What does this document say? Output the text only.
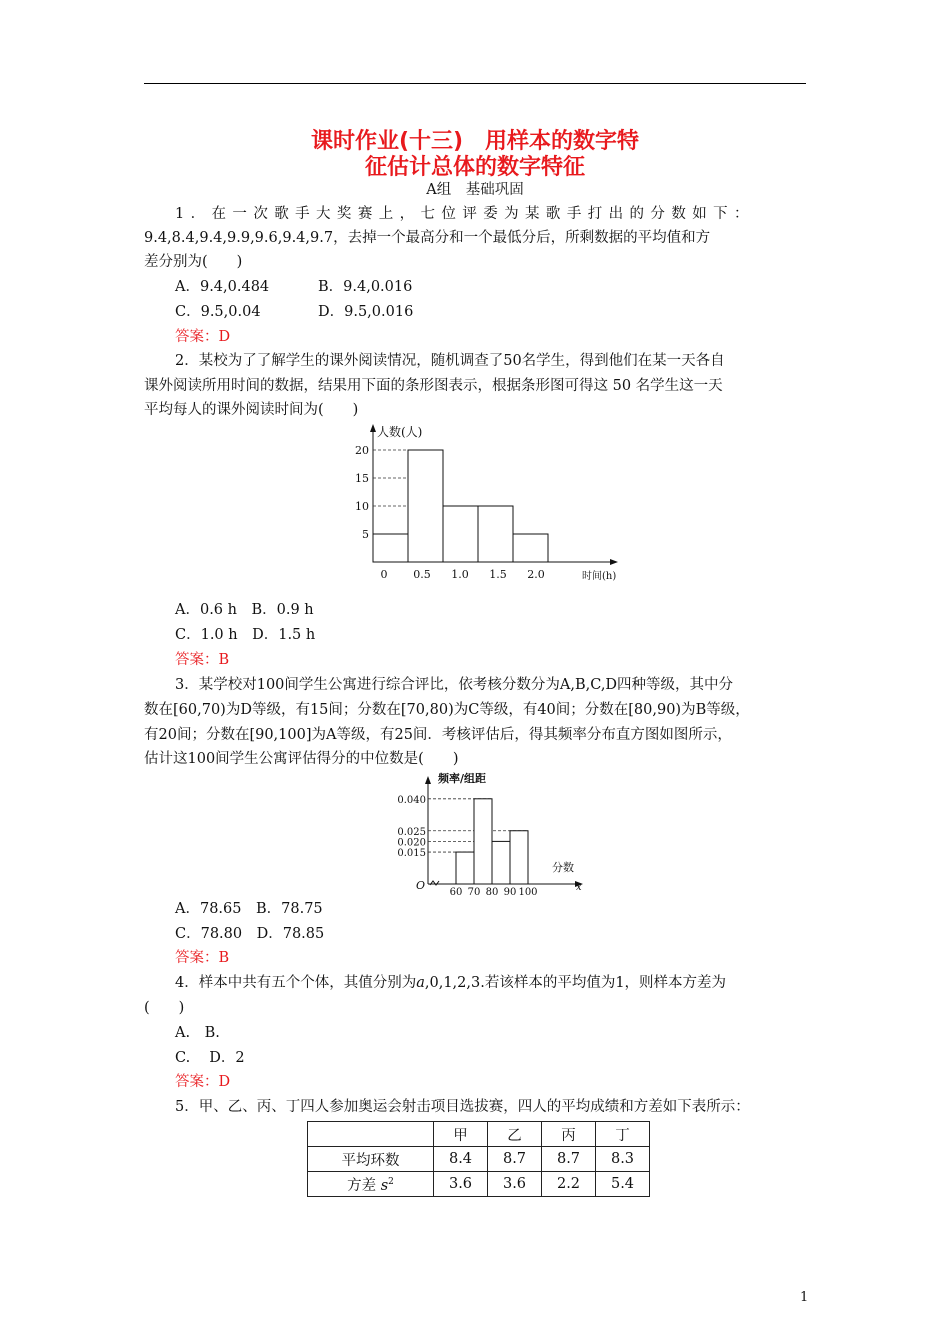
课时作业(十三)　用样本的数字特
征估计总体的数字特征
A组　基础巩固
1．在一次歌手大奖赛上，七位评委为某歌手打出的分数如下：
9.4,8.4,9.4,9.9,9.6,9.4,9.7，去掉一个最高分和一个最低分后，所剩数据的平均值和方
差分别为(　　)
A．9.4,0.484	B．9.4,0.016
C．9.5,0.04	D．9.5,0.016
答案：D
2．某校为了了解学生的课外阅读情况，随机调查了50名学生，得到他们在某一天各自
课外阅读所用时间的数据，结果用下面的条形图表示，根据条形图可得这 50 名学生这一天
平均每人的课外阅读时间为(　　)
人数(人)
时间(h)
5
10
15
20
0 0.5 1.0 1.5 2.0
A．0.6 h　B．0.9 h
C．1.0 h　D．1.5 h
答案：B
3．某学校对100间学生公寓进行综合评比，依考核分数分为A,B,C,D四种等级，其中分
数在[60,70)为D等级，有15间；分数在[70,80)为C等级，有40间；分数在[80,90)为B等级，
有20间；分数在[90,100]为A等级，有25间．考核评估后，得其频率分布直方图如图所示，
估计这100间学生公寓评估得分的中位数是(　　)
频率/组距
分数
x
O
0.015
0.020
0.025
0.040
60 70 80 90 100
A．78.65　B．78.75
C．78.80　D．78.85
答案：B
4．样本中共有五个个体，其值分别为a,0,1,2,3.若该样本的平均值为1，则样本方差为
(　　)
A.　B.
C.　 D．2
答案：D
5．甲、乙、丙、丁四人参加奥运会射击项目选拔赛，四人的平均成绩和方差如下表所示：
	甲	乙	丙	丁
平均环数	8.4	8.7	8.7	8.3
方差 $s^2$	3.6	3.6	2.2	5.4
1
